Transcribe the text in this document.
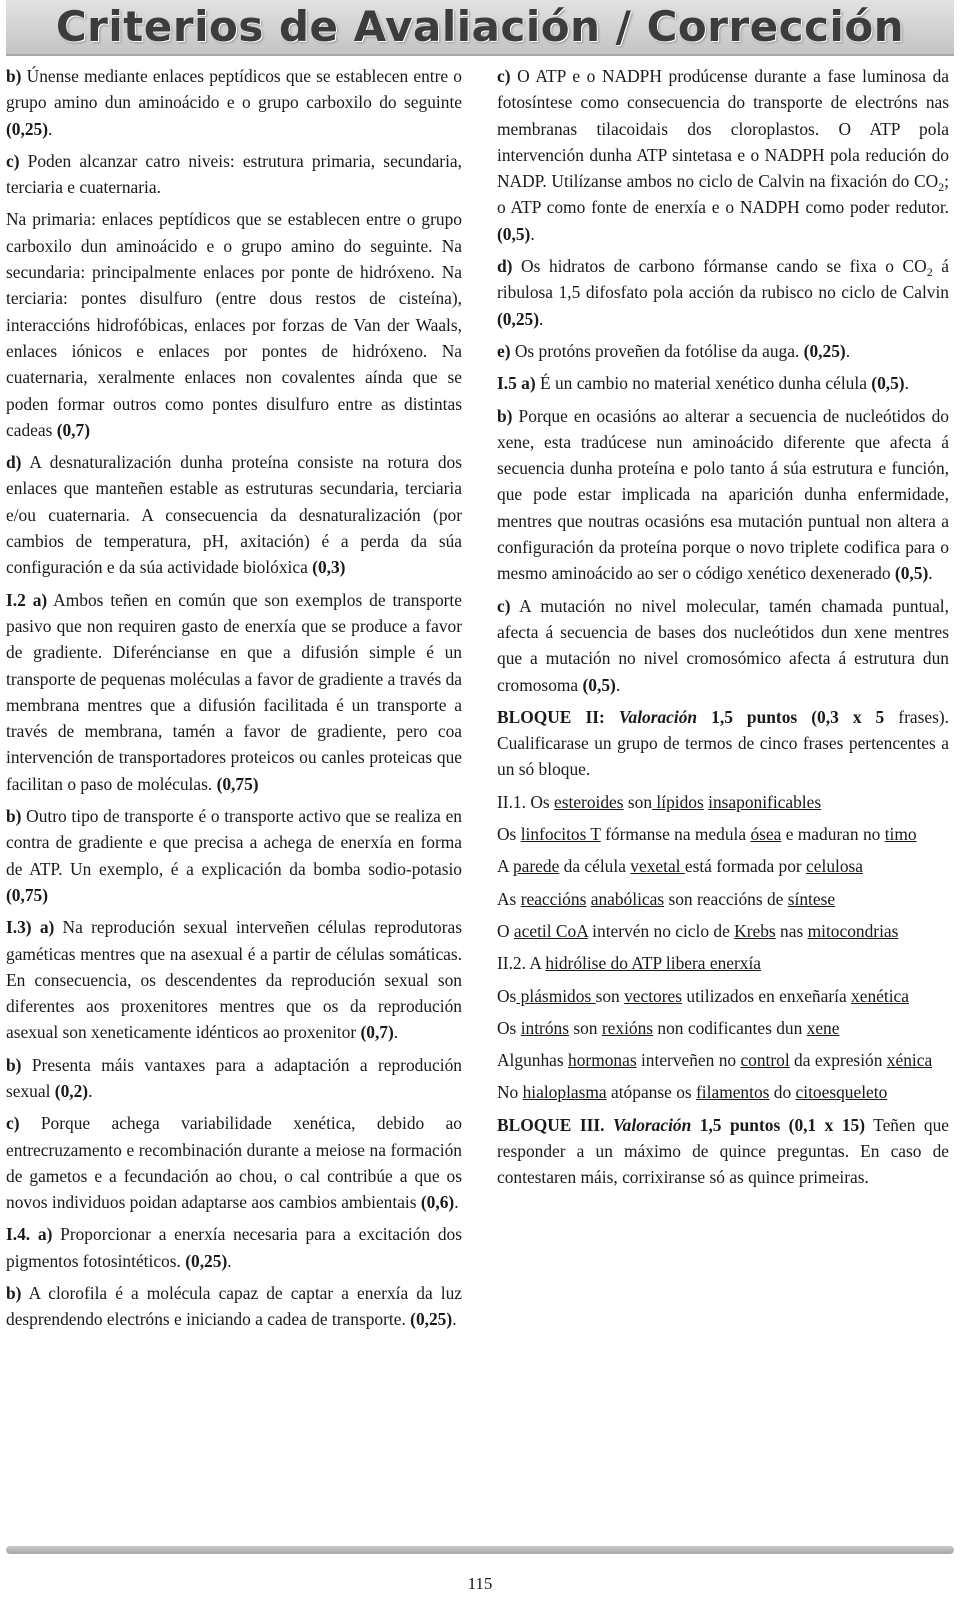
Criterios de Avaliación / Corrección

b) Únense mediante enlaces peptídicos que se establecen entre o grupo amino dun aminoácido e o grupo carboxilo do seguinte (0,25).

c) Poden alcanzar catro niveis: estrutura primaria, secundaria, terciaria e cuaternaria.

Na primaria: enlaces peptídicos que se establecen entre o grupo carboxilo dun aminoácido e o grupo amino do seguinte. Na secundaria: principalmente enlaces por ponte de hidróxeno. Na terciaria: pontes disulfuro (entre dous restos de cisteína), interaccións hidrofóbicas, enlaces por forzas de Van der Waals, enlaces iónicos e enlaces por pontes de hidróxeno. Na cuaternaria, xeralmente enlaces non covalentes aínda que se poden formar outros como pontes disulfuro entre as distintas cadeas (0,7)

d) A desnaturalización dunha proteína consiste na rotura dos enlaces que manteñen estable as estruturas secundaria, terciaria e/ou cuaternaria. A consecuencia da desnaturalización (por cambios de temperatura, pH, axitación) é a perda da súa configuración e da súa actividade biolóxica (0,3)

I.2 a) Ambos teñen en común que son exemplos de transporte pasivo que non requiren gasto de enerxía que se produce a favor de gradiente. Diferéncianse en que a difusión simple é un transporte de pequenas moléculas a favor de gradiente a través da membrana mentres que a difusión facilitada é un transporte a través de membrana, tamén a favor de gradiente, pero coa intervención de transportadores proteicos ou canles proteicas que facilitan o paso de moléculas. (0,75)

b) Outro tipo de transporte é o transporte activo que se realiza en contra de gradiente e que precisa a achega de enerxía en forma de ATP. Un exemplo, é a explicación da bomba sodio-potasio (0,75)

I.3) a) Na reprodución sexual interveñen células reprodutoras gaméticas mentres que na asexual é a partir de células somáticas. En consecuencia, os descendentes da reprodución sexual son diferentes aos proxenitores mentres que os da reprodución asexual son xeneticamente idénticos ao proxenitor (0,7).

b) Presenta máis vantaxes para a adaptación a reprodución sexual (0,2).

c) Porque achega variabilidade xenética, debido ao entrecruzamento e recombinación durante a meiose na formación de gametos e a fecundación ao chou, o cal contribúe a que os novos individuos poidan adaptarse aos cambios ambientais (0,6).

I.4. a) Proporcionar a enerxía necesaria para a excitación dos pigmentos fotosintéticos. (0,25).

b) A clorofila é a molécula capaz de captar a enerxía da luz desprendendo electróns e iniciando a cadea de transporte. (0,25).

c) O ATP e o NADPH prodúcense durante a fase luminosa da fotosíntese como consecuencia do transporte de electróns nas membranas tilacoidais dos cloroplastos. O ATP pola intervención dunha ATP sintetasa e o NADPH pola redución do NADP. Utilízanse ambos no ciclo de Calvin na fixación do $CO_2$; o ATP como fonte de enerxía e o NADPH como poder redutor. (0,5).

d) Os hidratos de carbono fórmanse cando se fixa o $CO_2$ á ribulosa 1,5 difosfato pola acción da rubisco no ciclo de Calvin (0,25).

e) Os protóns proveñen da fotólise da auga. (0,25).

I.5 a) É un cambio no material xenético dunha célula (0,5).

b) Porque en ocasións ao alterar a secuencia de nucleótidos do xene, esta tradúcese nun aminoácido diferente que afecta á secuencia dunha proteína e polo tanto á súa estrutura e función, que pode estar implicada na aparición dunha enfermidade, mentres que noutras ocasións esa mutación puntual non altera a configuración da proteína porque o novo triplete codifica para o mesmo aminoácido ao ser o código xenético dexenerado (0,5).

c) A mutación no nivel molecular, tamén chamada puntual, afecta á secuencia de bases dos nucleótidos dun xene mentres que a mutación no nivel cromosómico afecta á estrutura dun cromosoma (0,5).

BLOQUE II: Valoración 1,5 puntos (0,3 x 5 frases). Cualificarase un grupo de termos de cinco frases pertencentes a un só bloque.

II.1. Os esteroides son lípidos insaponificables

Os linfocitos T fórmanse na medula ósea e maduran no timo

A parede da célula vexetal está formada por celulosa

As reaccións anabólicas son reaccións de síntese

O acetil CoA intervén no ciclo de Krebs nas mitocondrias

II.2. A hidrólise do ATP libera enerxía

Os plásmidos son vectores utilizados en enxeñaría xenética

Os intróns son rexións non codificantes dun xene

Algunhas hormonas interveñen no control da expresión xénica

No hialoplasma atópanse os filamentos do citoesqueleto

BLOQUE III. Valoración 1,5 puntos (0,1 x 15) Teñen que responder a un máximo de quince preguntas. En caso de contestaren máis, corrixiranse só as quince primeiras.

115
